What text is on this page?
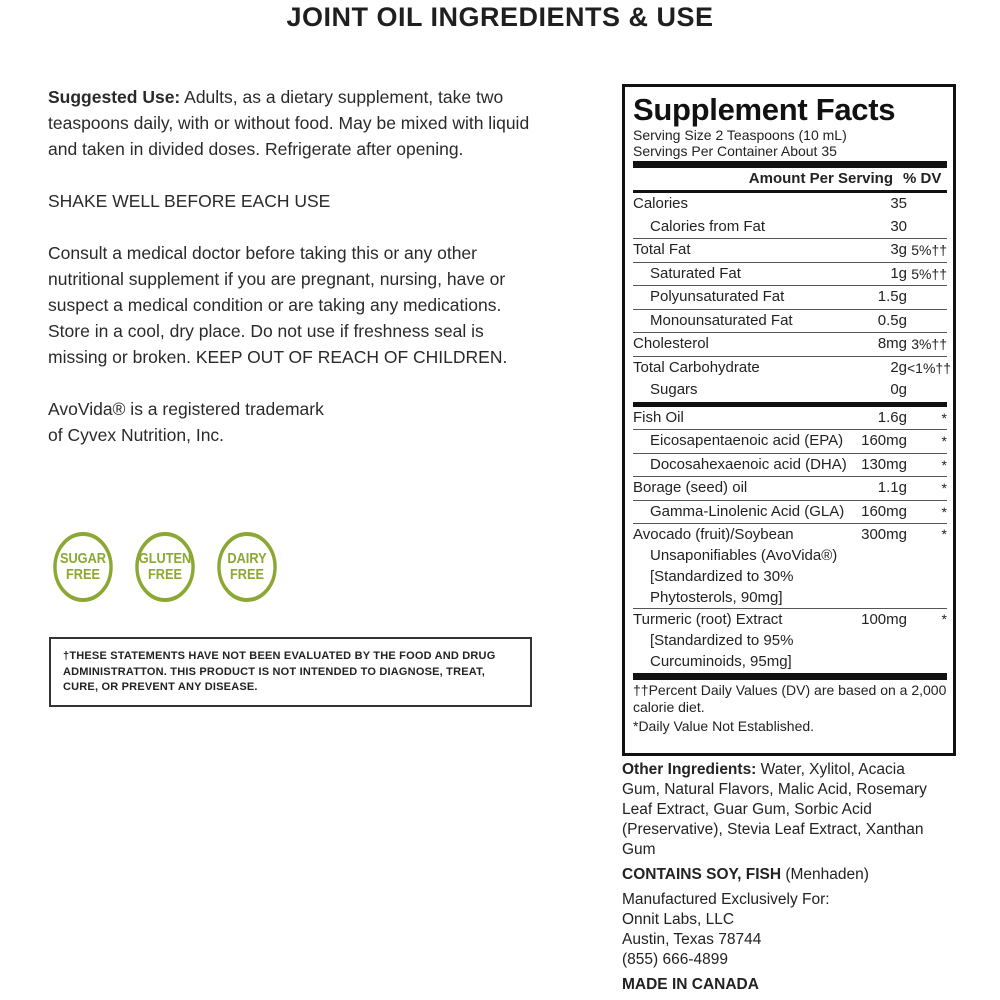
JOINT OIL INGREDIENTS & USE

Suggested Use: Adults, as a dietary supplement, take two teaspoons daily, with or without food. May be mixed with liquid and taken in divided doses. Refrigerate after opening.

SHAKE WELL BEFORE EACH USE

Consult a medical doctor before taking this or any other nutritional supplement if you are pregnant, nursing, have or suspect a medical condition or are taking any medications. Store in a cool, dry place. Do not use if freshness seal is missing or broken. KEEP OUT OF REACH OF CHILDREN.

AvoVida® is a registered trademark
of Cyvex Nutrition, Inc.

SUGAR
FREE
GLUTEN
FREE
DAIRY
FREE
†THESE STATEMENTS HAVE NOT BEEN EVALUATED BY THE FOOD AND DRUG ADMINISTRATTON. THIS PRODUCT IS NOT INTENDED TO DIAGNOSE, TREAT, CURE, OR PREVENT ANY DISEASE.
Supplement Facts
Serving Size 2 Teaspoons (10 mL)
Servings Per Container About 35
Amount Per Serving % DV
Calories	35
Calories from Fat	30
Total Fat	3g 5%††
Saturated Fat	1g 5%††
Polyunsaturated Fat	1.5g
Monounsaturated Fat	0.5g
Cholesterol	8mg 3%††
Total Carbohydrate	2g <1%††
Sugars	0g
Fish Oil	1.6g	*
Eicosapentaenoic acid (EPA)	160mg	*
Docosahexaenoic acid (DHA) 130mg	*
Borage (seed) oil	1.1g	*
Gamma-Linolenic Acid (GLA)	160mg	*
Avocado (fruit)/Soybean	300mg	*
Unsaponifiables (AvoVida®)
[Standardized to 30%
Phytosterols, 90mg]
Turmeric (root) Extract	100mg	*
[Standardized to 95%
Curcuminoids, 95mg]
††Percent Daily Values (DV) are based on a 2,000 calorie diet.
*Daily Value Not Established.

Other Ingredients: Water, Xylitol, Acacia Gum, Natural Flavors, Malic Acid, Rosemary Leaf Extract, Guar Gum, Sorbic Acid (Preservative), Stevia Leaf Extract, Xanthan Gum

CONTAINS SOY, FISH (Menhaden)

Manufactured Exclusively For:
Onnit Labs, LLC
Austin, Texas 78744
(855) 666-4899

MADE IN CANADA
